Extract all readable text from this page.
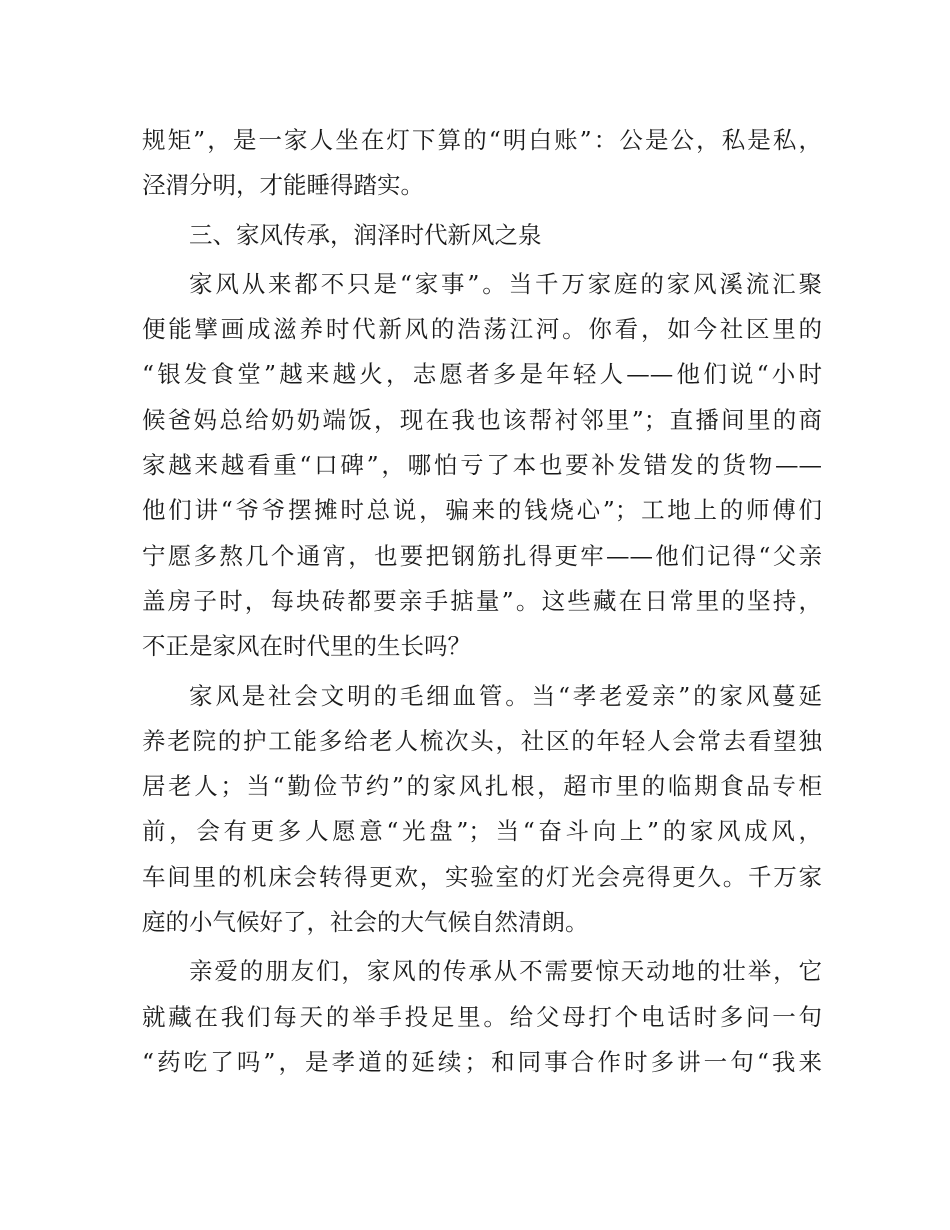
规矩”，是一家人坐在灯下算的“明白账”：公是公，私是私，
泾渭分明，才能睡得踏实。
三、家风传承，润泽时代新风之泉
家风从来都不只是“家事”。当千万家庭的家风溪流汇聚
便能擘画成滋养时代新风的浩荡江河。你看，如今社区里的
“银发食堂”越来越火，志愿者多是年轻人——他们说“小时
候爸妈总给奶奶端饭，现在我也该帮衬邻里”；直播间里的商
家越来越看重“口碑”，哪怕亏了本也要补发错发的货物——
他们讲“爷爷摆摊时总说，骗来的钱烧心”；工地上的师傅们
宁愿多熬几个通宵，也要把钢筋扎得更牢——他们记得“父亲
盖房子时，每块砖都要亲手掂量”。这些藏在日常里的坚持，
不正是家风在时代里的生长吗？
家风是社会文明的毛细血管。当“孝老爱亲”的家风蔓延
养老院的护工能多给老人梳次头，社区的年轻人会常去看望独
居老人；当“勤俭节约”的家风扎根，超市里的临期食品专柜
前，会有更多人愿意“光盘”；当“奋斗向上”的家风成风，
车间里的机床会转得更欢，实验室的灯光会亮得更久。千万家
庭的小气候好了，社会的大气候自然清朗。
亲爱的朋友们，家风的传承从不需要惊天动地的壮举，它
就藏在我们每天的举手投足里。给父母打个电话时多问一句
“药吃了吗”，是孝道的延续；和同事合作时多讲一句“我来
